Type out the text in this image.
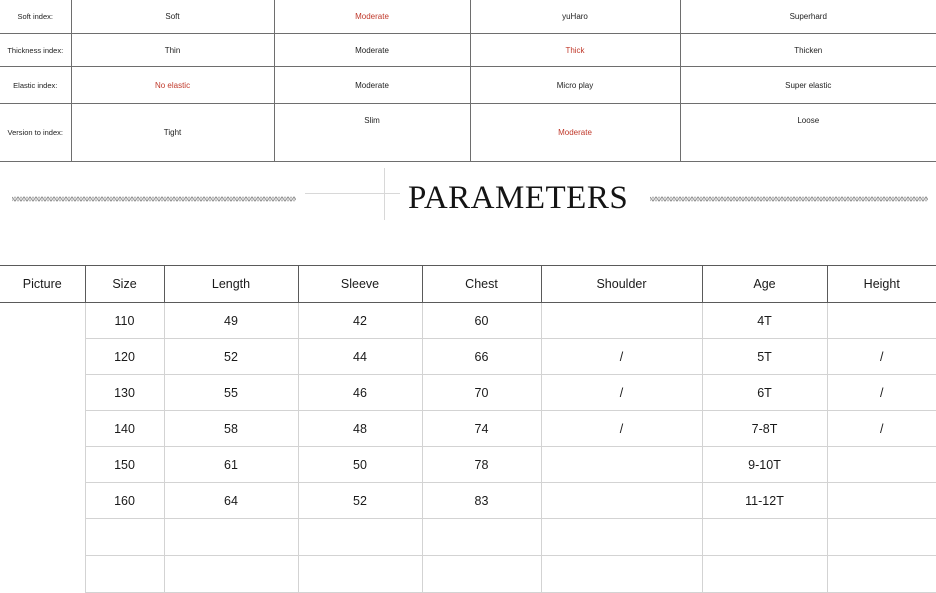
Soft index:	Soft	Moderate	yuHaro	Superhard
Thickness index:	Thin	Moderate	Thick	Thicken
Elastic index:	No elastic	Moderate	Micro play	Super elastic
Version to index:	Tight	Slim	Moderate	Loose
PARAMETERS
Picture	Size	Length	Sleeve	Chest	Shoulder	Age	Height
	110	49	42	60		4T	
	120	52	44	66	/	5T	/
	130	55	46	70	/	6T	/
	140	58	48	74	/	7-8T	/
	150	61	50	78		9-10T	
	160	64	52	83		11-12T	
